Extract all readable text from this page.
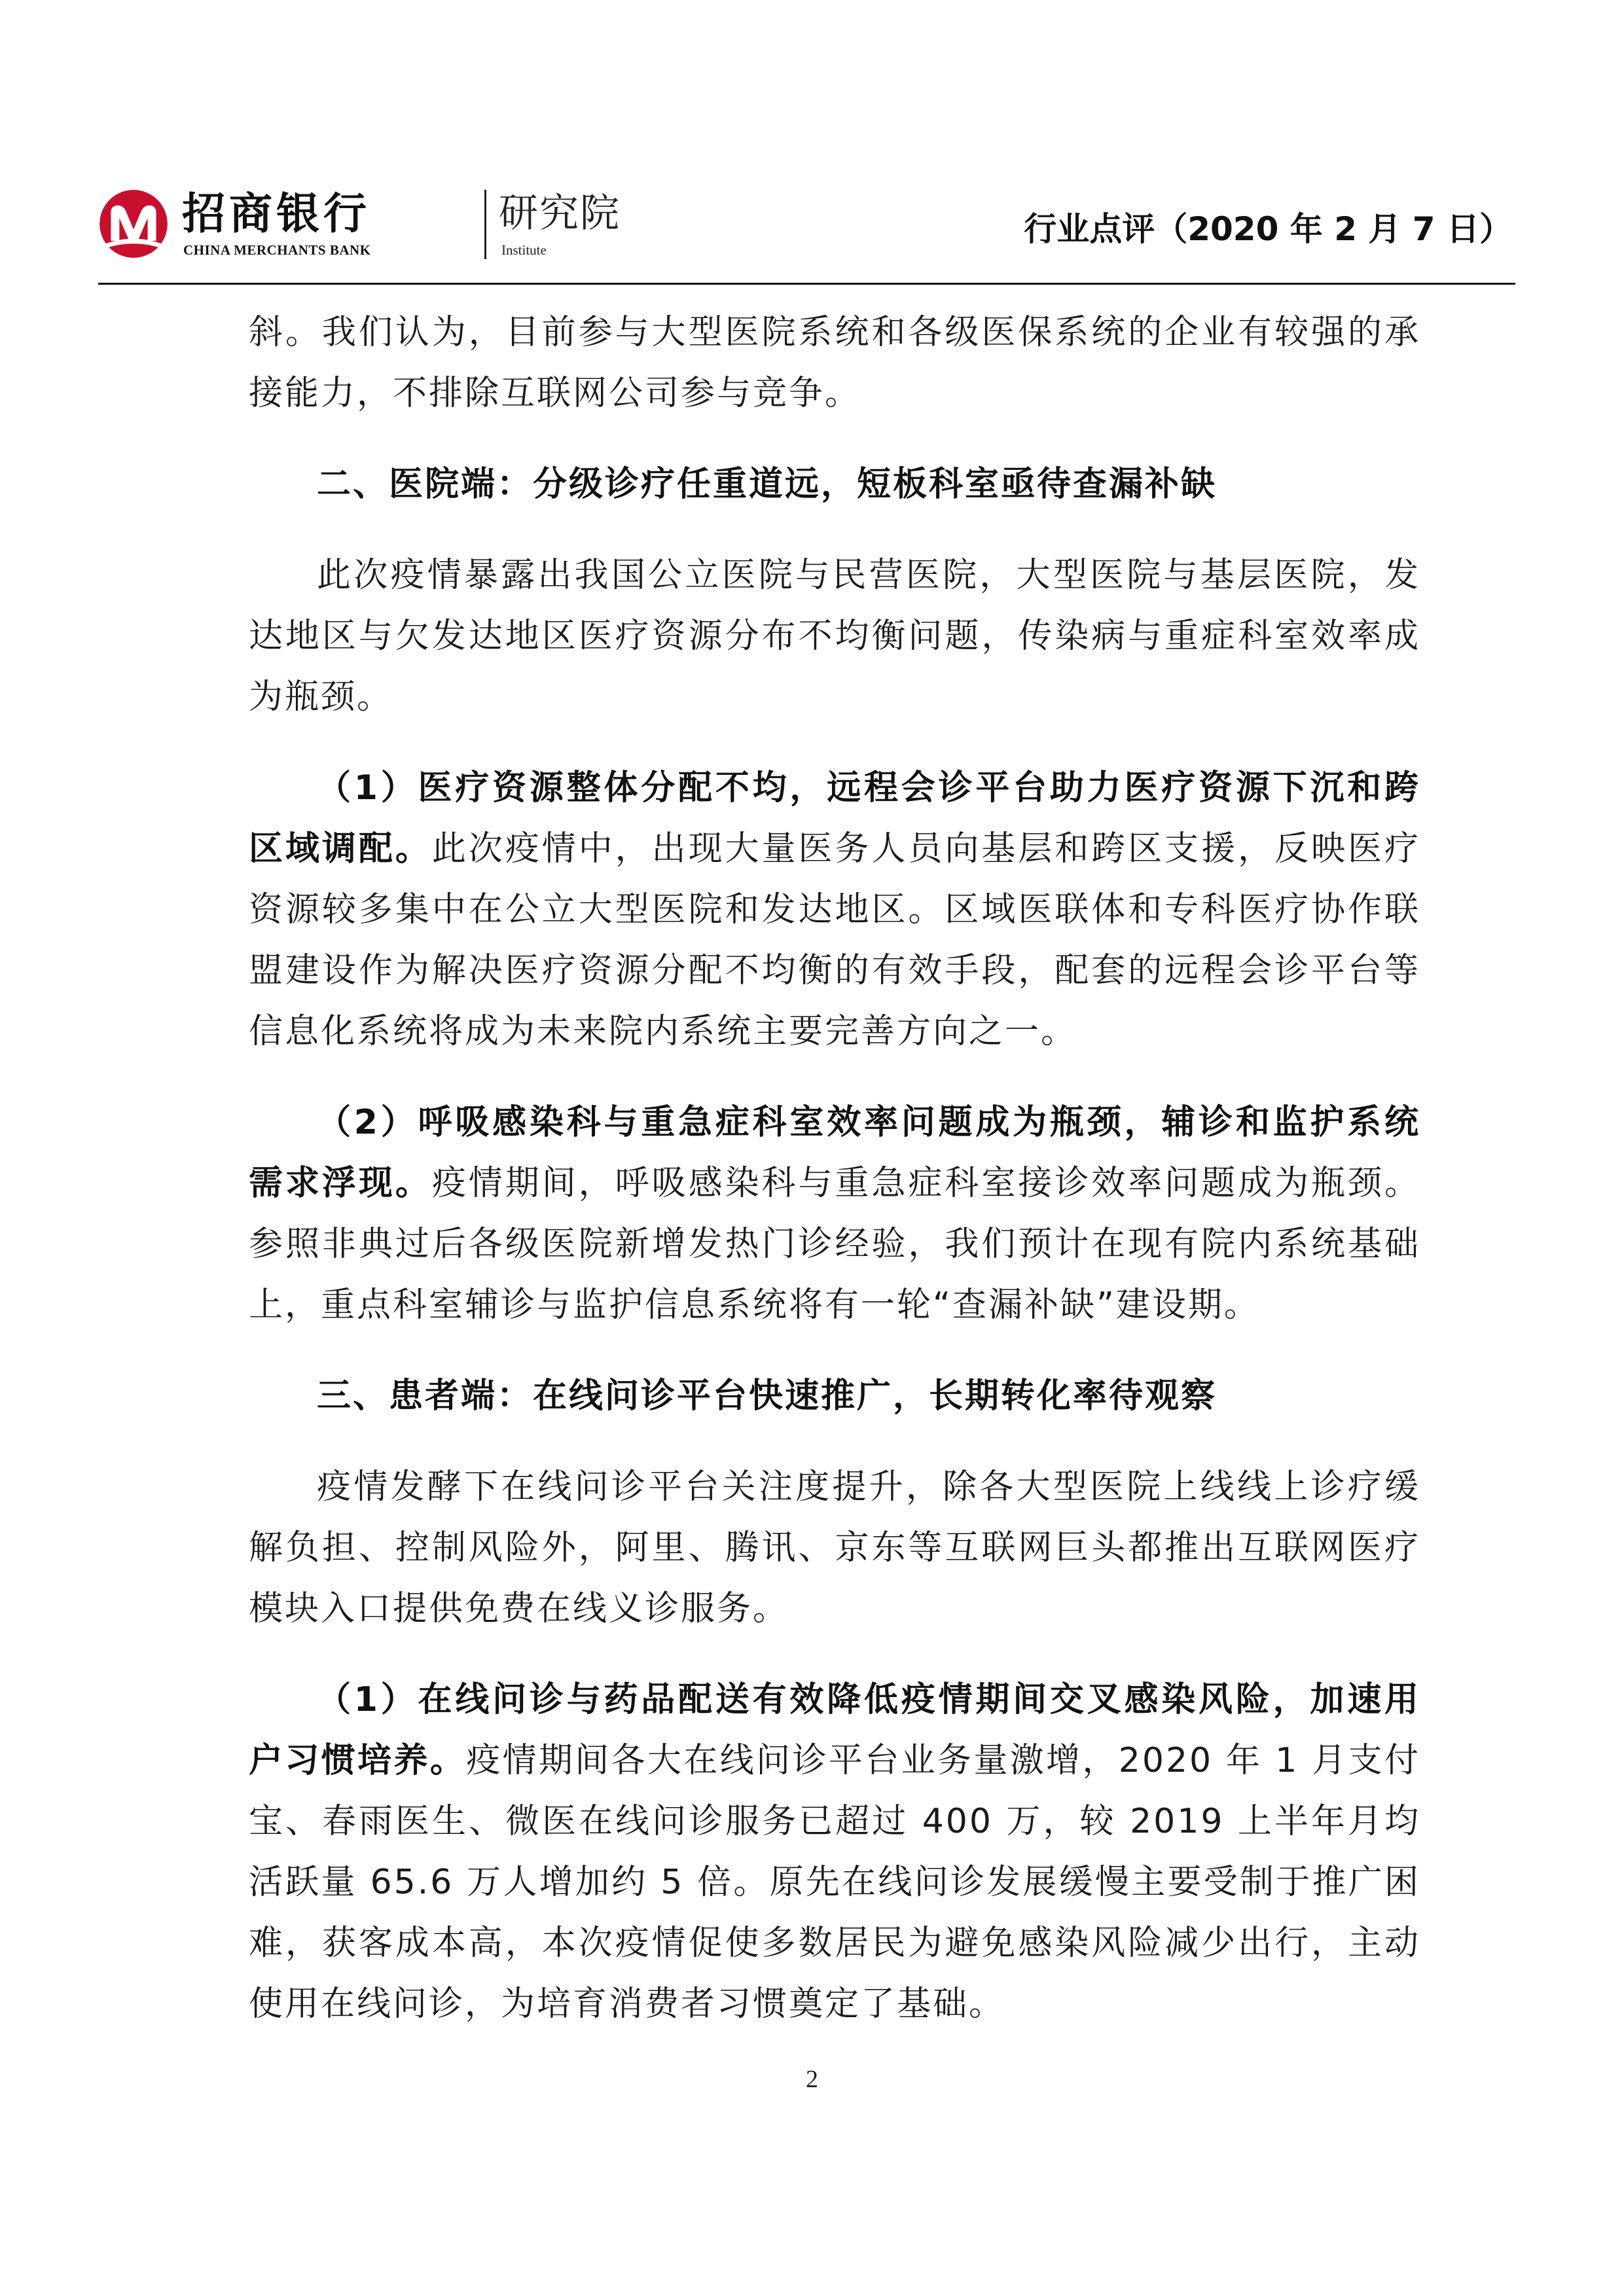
招商银行
CHINA MERCHANTS BANK
研究院
Institute
行业点评（2020 年 2 月 7 日）

斜。我们认为，目前参与大型医院系统和各级医保系统的企业有较强的承接能力，不排除互联网公司参与竞争。

二、医院端：分级诊疗任重道远，短板科室亟待查漏补缺

此次疫情暴露出我国公立医院与民营医院，大型医院与基层医院，发达地区与欠发达地区医疗资源分布不均衡问题，传染病与重症科室效率成为瓶颈。

（1）医疗资源整体分配不均，远程会诊平台助力医疗资源下沉和跨区域调配。此次疫情中，出现大量医务人员向基层和跨区支援，反映医疗资源较多集中在公立大型医院和发达地区。区域医联体和专科医疗协作联盟建设作为解决医疗资源分配不均衡的有效手段，配套的远程会诊平台等信息化系统将成为未来院内系统主要完善方向之一。

（2）呼吸感染科与重急症科室效率问题成为瓶颈，辅诊和监护系统需求浮现。疫情期间，呼吸感染科与重急症科室接诊效率问题成为瓶颈。参照非典过后各级医院新增发热门诊经验，我们预计在现有院内系统基础上，重点科室辅诊与监护信息系统将有一轮“查漏补缺”建设期。

三、患者端：在线问诊平台快速推广，长期转化率待观察

疫情发酵下在线问诊平台关注度提升，除各大型医院上线线上诊疗缓解负担、控制风险外，阿里、腾讯、京东等互联网巨头都推出互联网医疗模块入口提供免费在线义诊服务。

（1）在线问诊与药品配送有效降低疫情期间交叉感染风险，加速用户习惯培养。疫情期间各大在线问诊平台业务量激增，2020 年 1 月支付宝、春雨医生、微医在线问诊服务已超过 400 万，较 2019 上半年月均活跃量 65.6 万人增加约 5 倍。原先在线问诊发展缓慢主要受制于推广困难，获客成本高，本次疫情促使多数居民为避免感染风险减少出行，主动使用在线问诊，为培育消费者习惯奠定了基础。

2
